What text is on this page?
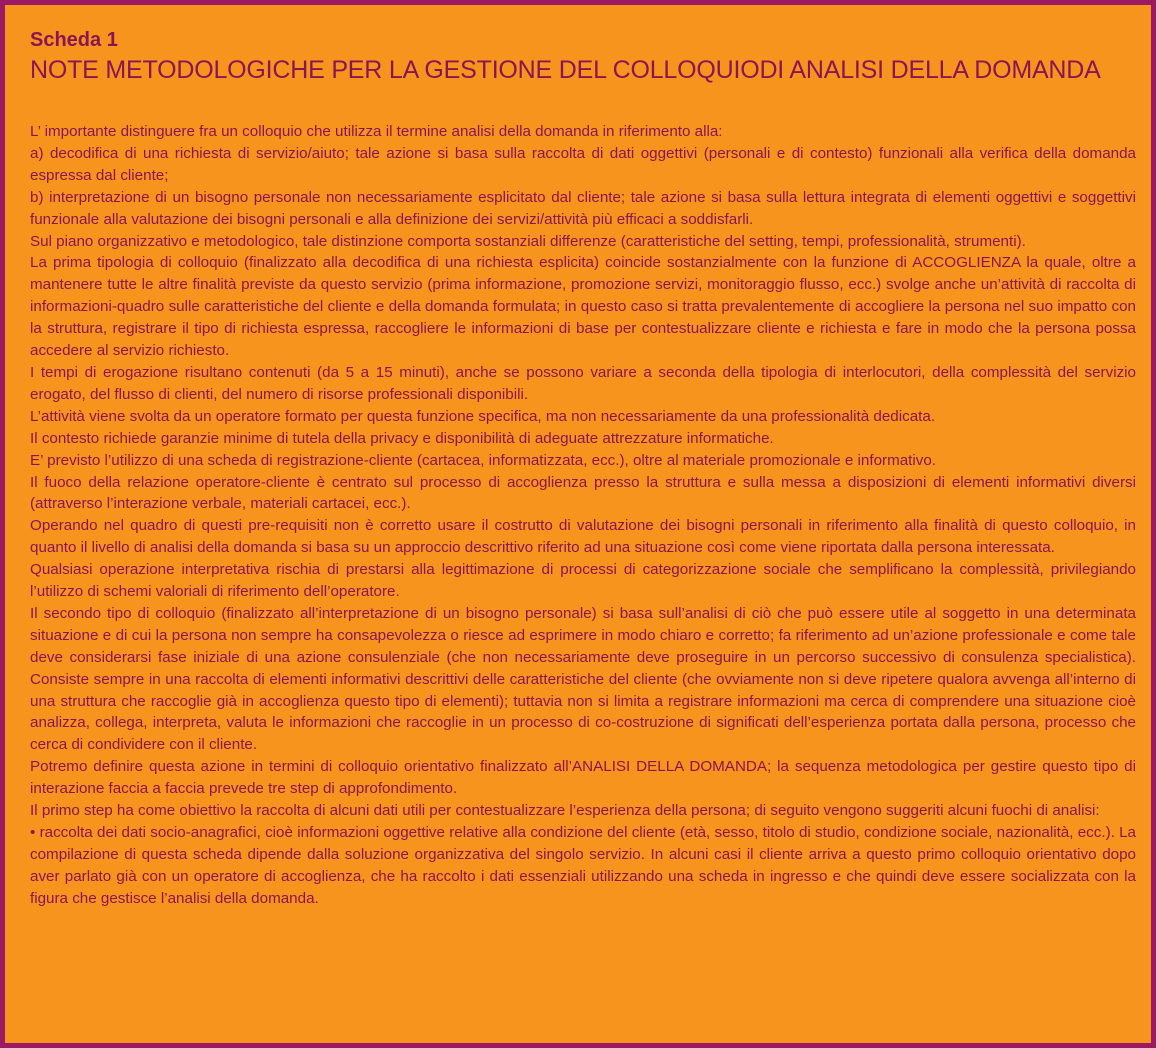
Scheda 1
NOTE METODOLOGICHE PER LA GESTIONE DEL COLLOQUIODI ANALISI DELLA DOMANDA

L’ importante distinguere fra un colloquio che utilizza il termine analisi della domanda in riferimento alla:

a) decodifica di una richiesta di servizio/aiuto; tale azione si basa sulla raccolta di dati oggettivi (personali e di contesto) funzionali alla verifica della domanda espressa dal cliente;

b) interpretazione di un bisogno personale non necessariamente esplicitato dal cliente; tale azione si basa sulla lettura integrata di elementi oggettivi e soggettivi funzionale alla valutazione dei bisogni personali e alla definizione dei servizi/attività più efficaci a soddisfarli.

Sul piano organizzativo e metodologico, tale distinzione comporta sostanziali differenze (caratteristiche del setting, tempi, professionalità, strumenti).

La prima tipologia di colloquio (finalizzato alla decodifica di una richiesta esplicita) coincide sostanzialmente con la funzione di ACCOGLIENZA la quale, oltre a mantenere tutte le altre finalità previste da questo servizio (prima informazione, promozione servizi, monitoraggio flusso, ecc.) svolge anche un’attività di raccolta di informazioni-quadro sulle caratteristiche del cliente e della domanda formulata; in questo caso si tratta prevalentemente di accogliere la persona nel suo impatto con la struttura, registrare il tipo di richiesta espressa, raccogliere le informazioni di base per contestualizzare cliente e richiesta e fare in modo che la persona possa accedere al servizio richiesto.

I tempi di erogazione risultano contenuti (da 5 a 15 minuti), anche se possono variare a seconda della tipologia di interlocutori, della complessità del servizio erogato, del flusso di clienti, del numero di risorse professionali disponibili.

L’attività viene svolta da un operatore formato per questa funzione specifica, ma non necessariamente da una professionalità dedicata.

Il contesto richiede garanzie minime di tutela della privacy e disponibilità di adeguate attrezzature informatiche.

E’ previsto l’utilizzo di una scheda di registrazione-cliente (cartacea, informatizzata, ecc.), oltre al materiale promozionale e informativo.

Il fuoco della relazione operatore-cliente è centrato sul processo di accoglienza presso la struttura e sulla messa a disposizioni di elementi informativi diversi (attraverso l’interazione verbale, materiali cartacei, ecc.).

Operando nel quadro di questi pre-requisiti non è corretto usare il costrutto di valutazione dei bisogni personali in riferimento alla finalità di questo colloquio, in quanto il livello di analisi della domanda si basa su un approccio descrittivo riferito ad una situazione così come viene riportata dalla persona interessata.

Qualsiasi operazione interpretativa rischia di prestarsi alla legittimazione di processi di categorizzazione sociale che semplificano la complessità, privilegiando l’utilizzo di schemi valoriali di riferimento dell’operatore.

Il secondo tipo di colloquio (finalizzato all’interpretazione di un bisogno personale) si basa sull’analisi di ciò che può essere utile al soggetto in una determinata situazione e di cui la persona non sempre ha consapevolezza o riesce ad esprimere in modo chiaro e corretto; fa riferimento ad un’azione professionale e come tale deve considerarsi fase iniziale di una azione consulenziale (che non necessariamente deve proseguire in un percorso successivo di consulenza specialistica). Consiste sempre in una raccolta di elementi informativi descrittivi delle caratteristiche del cliente (che ovviamente non si deve ripetere qualora avvenga all’interno di una struttura che raccoglie già in accoglienza questo tipo di elementi); tuttavia non si limita a registrare informazioni ma cerca di comprendere una situazione cioè analizza, collega, interpreta, valuta le informazioni che raccoglie in un processo di co-costruzione di significati dell’esperienza portata dalla persona, processo che cerca di condividere con il cliente.

Potremo definire questa azione in termini di colloquio orientativo finalizzato all’ANALISI DELLA DOMANDA; la sequenza metodologica per gestire questo tipo di interazione faccia a faccia prevede tre step di approfondimento.

Il primo step ha come obiettivo la raccolta di alcuni dati utili per contestualizzare l’esperienza della persona; di seguito vengono suggeriti alcuni fuochi di analisi:

• raccolta dei dati socio-anagrafici, cioè informazioni oggettive relative alla condizione del cliente (età, sesso, titolo di studio, condizione sociale, nazionalità, ecc.). La compilazione di questa scheda dipende dalla soluzione organizzativa del singolo servizio. In alcuni casi il cliente arriva a questo primo colloquio orientativo dopo aver parlato già con un operatore di accoglienza, che ha raccolto i dati essenziali utilizzando una scheda in ingresso e che quindi deve essere socializzata con la figura che gestisce l’analisi della domanda.
